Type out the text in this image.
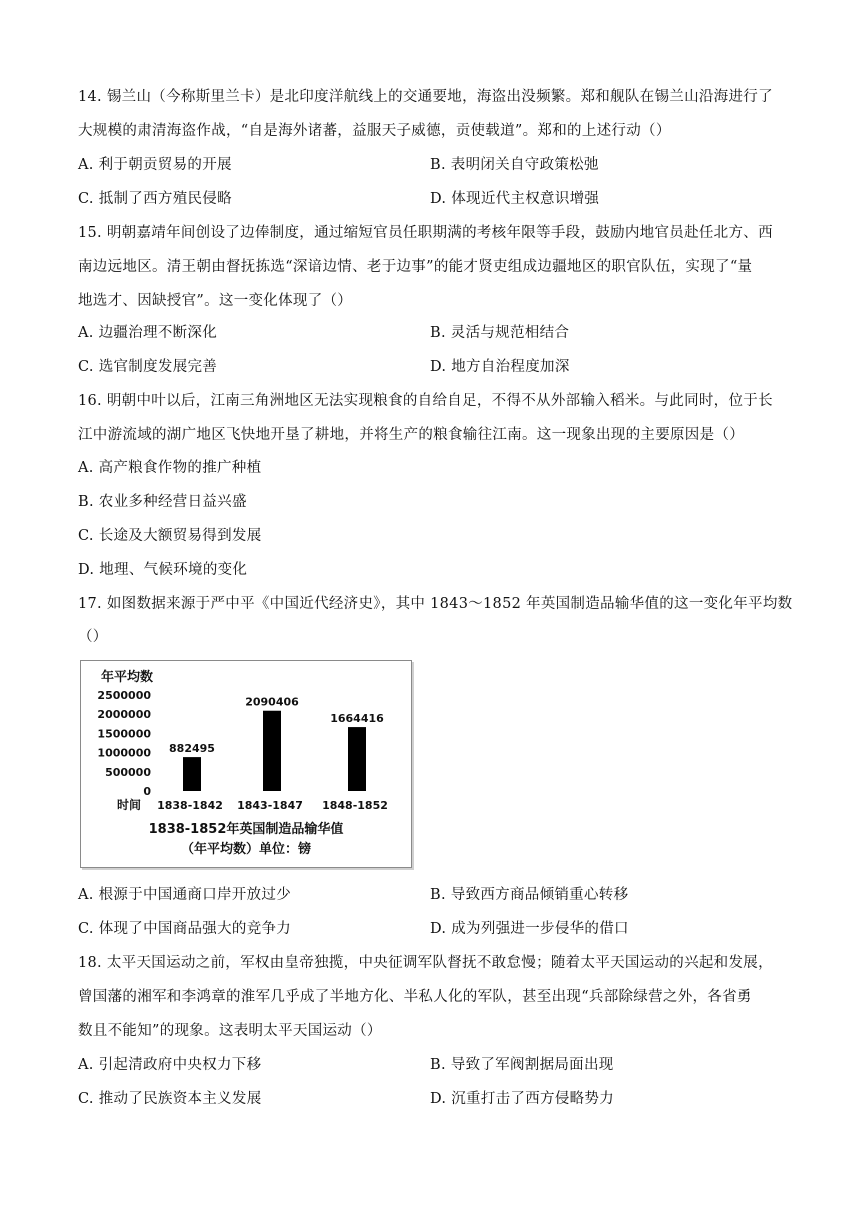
14. 锡兰山（今称斯里兰卡）是北印度洋航线上的交通要地，海盗出没频繁。郑和舰队在锡兰山沿海进行了
大规模的肃清海盗作战，“自是海外诸蕃，益服天子威德，贡使载道”。郑和的上述行动（）
A. 利于朝贡贸易的开展	B. 表明闭关自守政策松弛
C. 抵制了西方殖民侵略	D. 体现近代主权意识增强
15. 明朝嘉靖年间创设了边俸制度，通过缩短官员任职期满的考核年限等手段，鼓励内地官员赴任北方、西
南边远地区。清王朝由督抚拣选“深谙边情、老于边事”的能才贤吏组成边疆地区的职官队伍，实现了“量
地选才、因缺授官”。这一变化体现了（）
A. 边疆治理不断深化	B. 灵活与规范相结合
C. 选官制度发展完善	D. 地方自治程度加深
16. 明朝中叶以后，江南三角洲地区无法实现粮食的自给自足，不得不从外部输入稻米。与此同时，位于长
江中游流域的湖广地区飞快地开垦了耕地，并将生产的粮食输往江南。这一现象出现的主要原因是（）
A. 高产粮食作物的推广种植
B. 农业多种经营日益兴盛
C. 长途及大额贸易得到发展
D. 地理、气候环境的变化
17. 如图数据来源于严中平《中国近代经济史》，其中 1843～1852 年英国制造品输华值的这一变化年平均数
（）
年平均数
0
500000
1000000
1500000
2000000
2500000
882495
2090406
1664416
时间 1838-1842 1843-1847 1848-1852
1838-1852年英国制造品输华值
（年平均数）单位：镑
A. 根源于中国通商口岸开放过少	B. 导致西方商品倾销重心转移
C. 体现了中国商品强大的竞争力	D. 成为列强进一步侵华的借口
18. 太平天国运动之前，军权由皇帝独揽，中央征调军队督抚不敢怠慢；随着太平天国运动的兴起和发展，
曾国藩的湘军和李鸿章的淮军几乎成了半地方化、半私人化的军队，甚至出现“兵部除绿营之外，各省勇
数且不能知”的现象。这表明太平天国运动（）
A. 引起清政府中央权力下移	B. 导致了军阀割据局面出现
C. 推动了民族资本主义发展	D. 沉重打击了西方侵略势力
